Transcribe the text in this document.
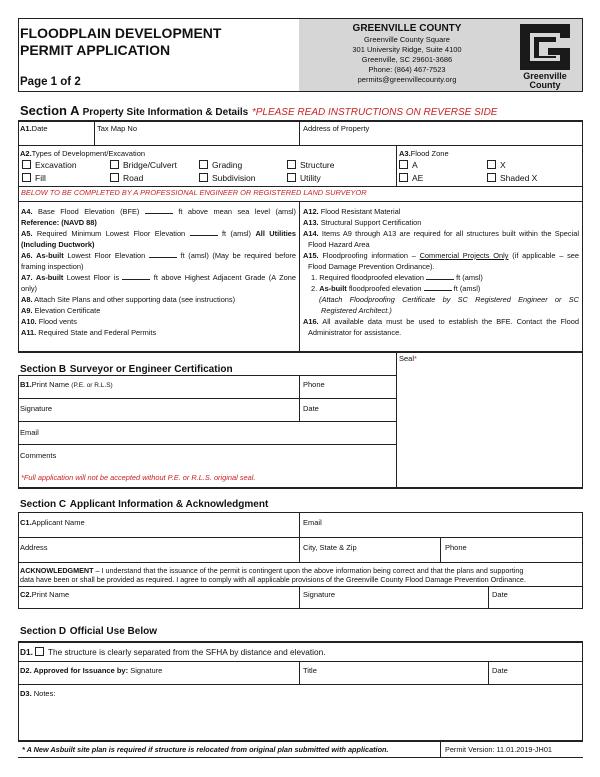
FLOODPLAIN DEVELOPMENT
PERMIT APPLICATION
Page 1 of 2
GREENVILLE COUNTY
Greenville County Square
301 University Ridge, Suite 4100
Greenville, SC 29601-3686
Phone: (864) 467-7523
permits@greenvillecounty.org	Greenville
County
Section A Property Site Information & Details *PLEASE READ INSTRUCTIONS ON REVERSE SIDE
A1.Date	Tax Map No	Address of Property
A2.Types of Development/Excavation
Excavation	Bridge/Culvert	Grading	Structure
Fill	Road	Subdivision	Utility
A3.Flood Zone
A	X
AE	Shaded X
BELOW TO BE COMPLETED BY A PROFESSIONAL ENGINEER OR REGISTERED LAND SURVEYOR
A4. Base Flood Elevation (BFE)	ft above mean sea level (amsl)
Reference: (NAVD 88)
A5. Required Minimum Lowest Floor Elevation	ft (amsl) All Utilities
(Including Ductwork)
A6. As-built Lowest Floor Elevation	ft (amsl) (May be required before
framing inspection)
A7. As-built Lowest Floor is	ft above Highest Adjacent Grade (A Zone
only)
A8. Attach Site Plans and other supporting data (see instructions)
A9. Elevation Certificate
A10. Flood vents
A11. Required State and Federal Permits
A12. Flood Resistant Material
A13. Structural Support Certification
A14. Items A9 through A13 are required for all structures built within the Special
Flood Hazard Area
A15. Floodproofing information – Commercial Projects Only (if applicable – see
Flood Damage Prevention Ordinance).
1. Required floodproofed elevation	ft (amsl)
2. As-built floodproofed elevation	ft (amsl)
(Attach Floodproofing Certificate by SC Registered Engineer or SC
Registered Architect.)
A16. All available data must be used to establish the BFE. Contact the Flood
Administrator for assistance.
Section B Surveyor or Engineer Certification
Seal*
B1.Print Name (P.E. or R.L.S)	Phone
Signature	Date
Email
Comments
*Full application will not be accepted without P.E. or R.L.S. original seal.
Section C Applicant Information & Acknowledgment
C1.Applicant Name	Email
Address	City, State & Zip	Phone
ACKNOWLEDGMENT – I understand that the issuance of the permit is contingent upon the above information being correct and that the plans and supporting
data have been or shall be provided as required. I agree to comply with all applicable provisions of the Greenville County Flood Damage Prevention Ordinance.
C2.Print Name	Signature	Date
Section D Official Use Below
D1. The structure is clearly separated from the SFHA by distance and elevation.
D2. Approved for Issuance by: Signature	Title	Date
D3. Notes:
* A New Asbuilt site plan is required if structure is relocated from original plan submitted with application.	Permit Version: 11.01.2019-JH01
